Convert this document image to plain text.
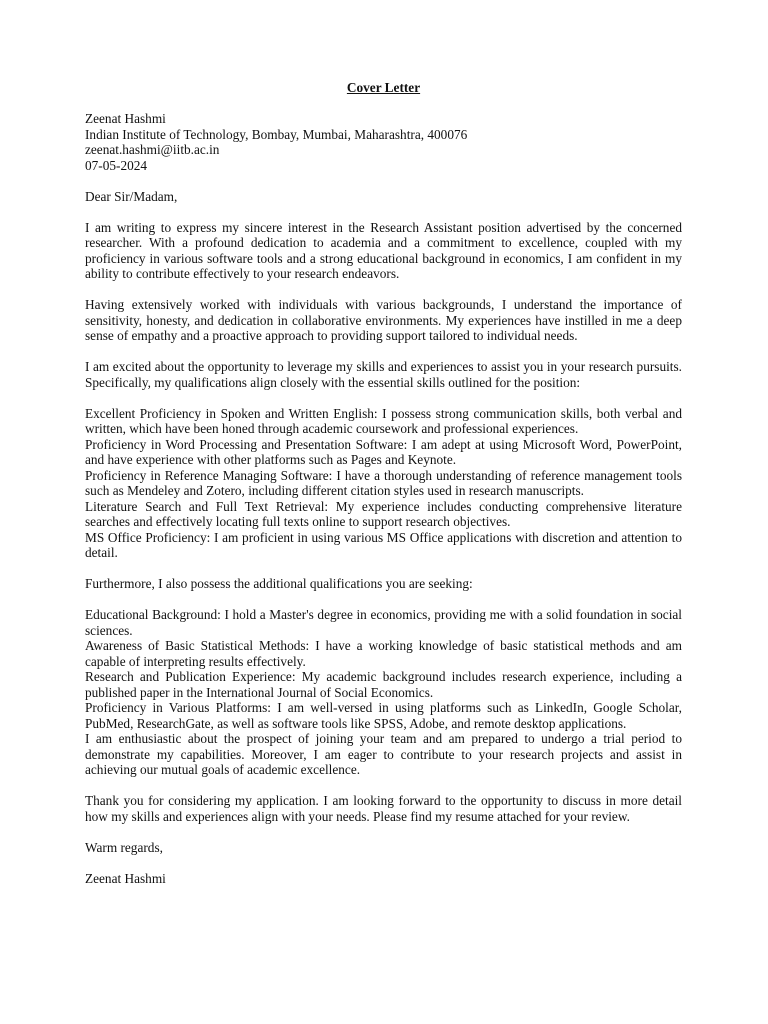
Cover Letter
Zeenat Hashmi
Indian Institute of Technology, Bombay, Mumbai, Maharashtra, 400076
zeenat.hashmi@iitb.ac.in
07-05-2024

Dear Sir/Madam,

I am writing to express my sincere interest in the Research Assistant position advertised by the concerned researcher. With a profound dedication to academia and a commitment to excellence, coupled with my proficiency in various software tools and a strong educational background in economics, I am confident in my ability to contribute effectively to your research endeavors.

Having extensively worked with individuals with various backgrounds, I understand the importance of sensitivity, honesty, and dedication in collaborative environments. My experiences have instilled in me a deep sense of empathy and a proactive approach to providing support tailored to individual needs.

I am excited about the opportunity to leverage my skills and experiences to assist you in your research pursuits. Specifically, my qualifications align closely with the essential skills outlined for the position:

Excellent Proficiency in Spoken and Written English: I possess strong communication skills, both verbal and written, which have been honed through academic coursework and professional experiences.
Proficiency in Word Processing and Presentation Software: I am adept at using Microsoft Word, PowerPoint, and have experience with other platforms such as Pages and Keynote.
Proficiency in Reference Managing Software: I have a thorough understanding of reference management tools such as Mendeley and Zotero, including different citation styles used in research manuscripts.
Literature Search and Full Text Retrieval: My experience includes conducting comprehensive literature searches and effectively locating full texts online to support research objectives.
MS Office Proficiency: I am proficient in using various MS Office applications with discretion and attention to detail.

Furthermore, I also possess the additional qualifications you are seeking:

Educational Background: I hold a Master's degree in economics, providing me with a solid foundation in social sciences.
Awareness of Basic Statistical Methods: I have a working knowledge of basic statistical methods and am capable of interpreting results effectively.
Research and Publication Experience: My academic background includes research experience, including a published paper in the International Journal of Social Economics.
Proficiency in Various Platforms: I am well-versed in using platforms such as LinkedIn, Google Scholar, PubMed, ResearchGate, as well as software tools like SPSS, Adobe, and remote desktop applications.
I am enthusiastic about the prospect of joining your team and am prepared to undergo a trial period to demonstrate my capabilities. Moreover, I am eager to contribute to your research projects and assist in achieving our mutual goals of academic excellence.

Thank you for considering my application. I am looking forward to the opportunity to discuss in more detail how my skills and experiences align with your needs. Please find my resume attached for your review.

Warm regards,

Zeenat Hashmi
